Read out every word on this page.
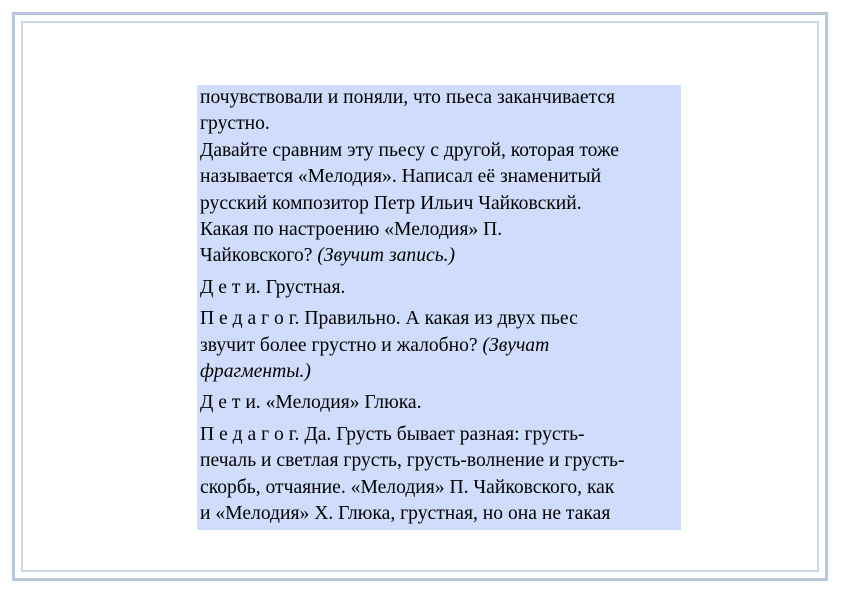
почувствовали и поняли, что пьеса заканчивается
грустно.
Давайте сравним эту пьесу с другой, которая тоже
называется «Мелодия». Написал её знаменитый
русский композитор Петр Ильич Чайковский.
Какая по настроению «Мелодия» П.
Чайковского? (Звучит запись.)

Д е т и. Грустная.

П е д а г о г. Правильно. А какая из двух пьес
звучит более грустно и жалобно? (Звучат
фрагменты.)

Д е т и. «Мелодия» Глюка.

П е д а г о г. Да. Грусть бывает разная: грусть-
печаль и светлая грусть, грусть-волнение и грусть-
скорбь, отчаяние. «Мелодия» П. Чайковского, как
и «Мелодия» Х. Глюка, грустная, но она не такая
